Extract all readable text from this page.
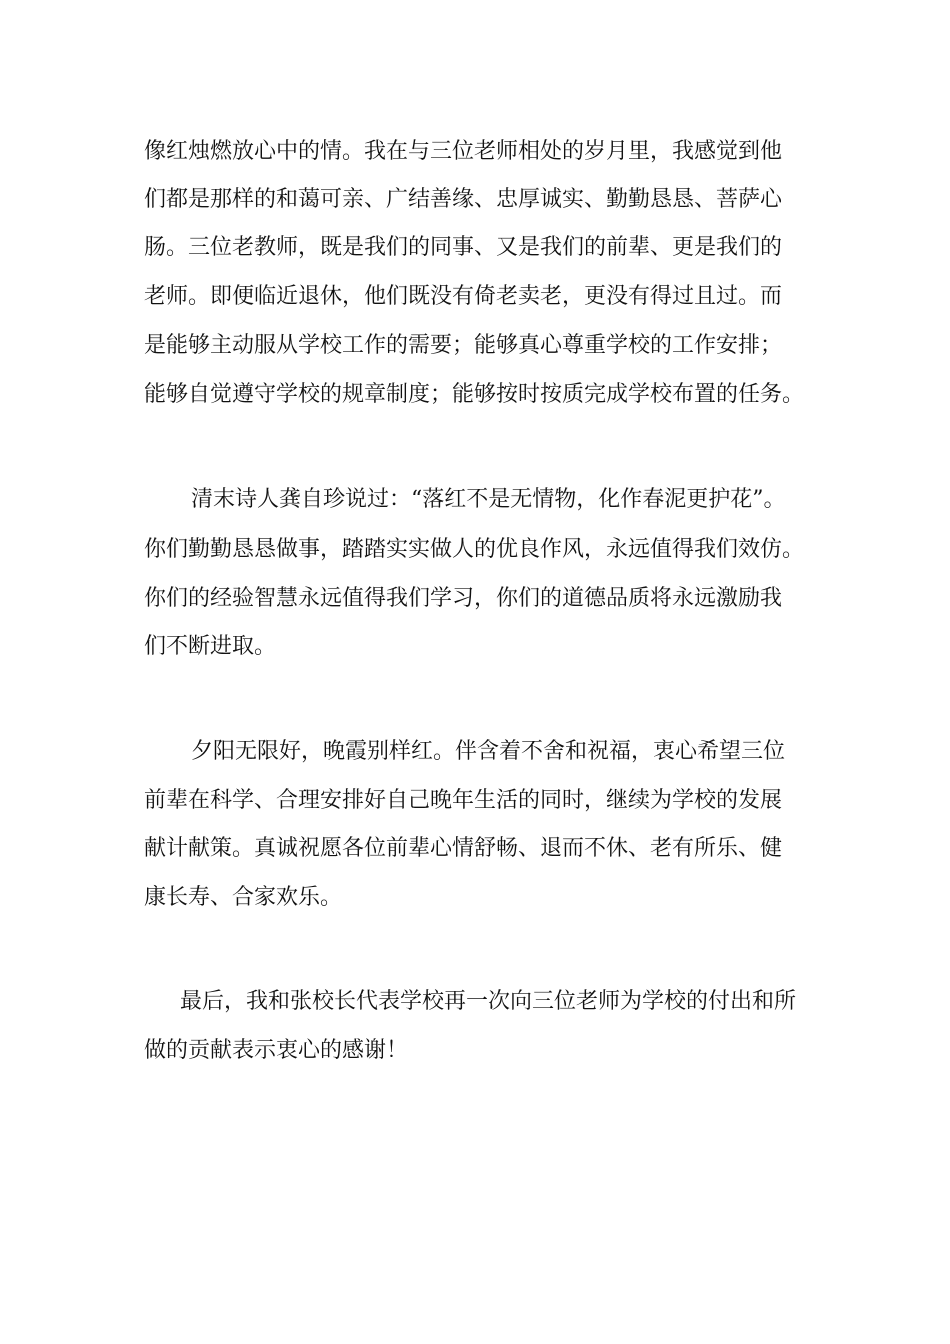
像红烛燃放心中的情。我在与三位老师相处的岁月里，我感觉到他
们都是那样的和蔼可亲、广结善缘、忠厚诚实、勤勤恳恳、菩萨心
肠。三位老教师，既是我们的同事、又是我们的前辈、更是我们的
老师。即便临近退休，他们既没有倚老卖老，更没有得过且过。而
是能够主动服从学校工作的需要；能够真心尊重学校的工作安排；
能够自觉遵守学校的规章制度；能够按时按质完成学校布置的任务。
清末诗人龚自珍说过：“落红不是无情物，化作春泥更护花”。
你们勤勤恳恳做事，踏踏实实做人的优良作风，永远值得我们效仿。
你们的经验智慧永远值得我们学习，你们的道德品质将永远激励我
们不断进取。
夕阳无限好，晚霞别样红。伴含着不舍和祝福，衷心希望三位
前辈在科学、合理安排好自己晚年生活的同时，继续为学校的发展
献计献策。真诚祝愿各位前辈心情舒畅、退而不休、老有所乐、健
康长寿、合家欢乐。
最后，我和张校长代表学校再一次向三位老师为学校的付出和所
做的贡献表示衷心的感谢！
